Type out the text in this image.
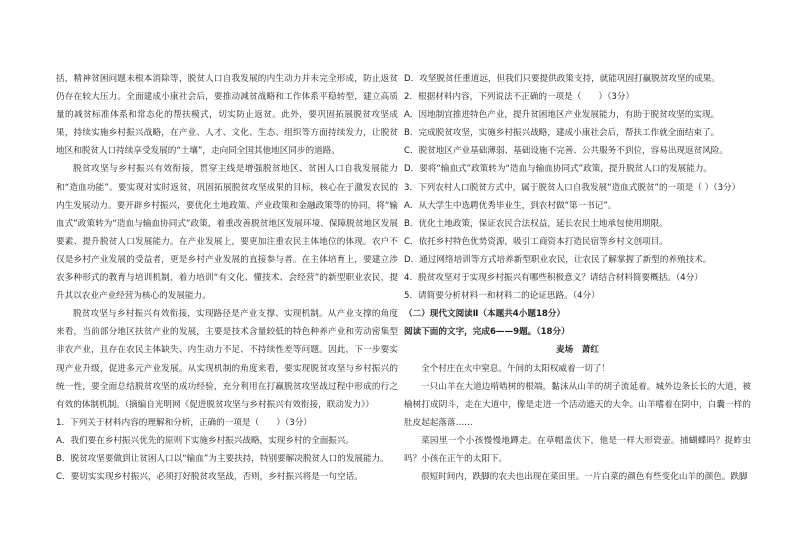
括，精神贫困问题未根本消除等，脱贫人口自我发展的内生动力并未完全形成，防止返贫仍存在较大压力。全面建成小康社会后，要推动减贫战略和工作体系平稳转型，建立高质量的减贫标准体系和常态化的帮扶模式，切实防止返贫。此外，要巩固拓展脱贫攻坚成果，持续实施乡村振兴战略，在产业、人才、文化、生态、组织等方面持续发力，让脱贫地区和脱贫人口持续享受发展的“土壤”，走向同全国其他地区同步的道路。

脱贫攻坚与乡村振兴有效衔接，贯穿主线是增强脱贫地区、贫困人口自我发展能力和“造血功能”。要实现对实时返贫，巩固拓展脱贫攻坚成果的目标，核心在于激发农民的内生发展动力。要开辟乡村振兴，要优化土地政策、产业政策和金融政策等的协同，将“输血式”政策转为“造血与输血协同式”政策，着重改善脱贫地区发展环境、保障脱贫地区发展要素、提升脱贫人口发展能力。在产业发展上，要更加注重农民主体地位的体现。农户不仅是乡村产业发展的受益者，更是乡村产业发展的直接参与者。在主体培育上，要建立涉农多种形式的教育与培训机制，着力培训“有文化、懂技术、会经营”的新型职业农民，提升其以农业产业经营为核心的发展能力。

脱贫攻坚与乡村振兴有效衔接，实现路径是产业支撑、实现机制。从产业支撑的角度来看，当前部分地区扶贫产业的发展，主要是技术含量较低的特色种养产业和劳动密集型非农产业，且存在农民主体缺失、内生动力不足、不持续性差等问题。因此，下一步要实现产业升级，促进多元产业发展。从实现机制的角度来看，要实现脱贫攻坚与乡村振兴的统一性，要全面总结脱贫攻坚的成功经验，充分利用在打赢脱贫攻坚战过程中形成的行之有效的体制机制。（摘编自光明网《促进脱贫攻坚与乡村振兴有效衔接，联动发力》）

1．下列关于材料内容的理解和分析，正确的一项是（　　）（3分）
A．我们要在乡村振兴优先的原则下实施乡村振兴战略，实现乡村的全面振兴。
B．脱贫攻坚要做到让贫困人口以“输血”为主要扶持，特别要解决脱贫人口的发展能力。
C．要切实实现乡村振兴，必须打好脱贫攻坚战，否则，乡村振兴将是一句空话。
D．攻坚脱贫任重道远，但我们只要提供政策支持，就能巩固打赢脱贫攻坚的成果。
2．根据材料内容，下列说法不正确的一项是（　　）（3分）
A．因地制宜推进特色产业，提升贫困地区产业发展能力，有助于脱贫攻坚的实现。
B．完成脱贫攻坚，实施乡村振兴战略，建成小康社会后，帮扶工作就全面结束了。
C．脱贫地区产业基础薄弱、基础设施不完善、公共服务不到位，容易出现返贫风险。
D．要将“输血式”政策转为“造血与输血协同式”政策，提升脱贫人口的发展能力。
3．下列农村人口脱贫方式中，属于脱贫人口自我发展“造血式脱贫”的一项是（ ）（3分）
A．从大学生中选聘优秀毕业生，到农村做“第一书记”。
B．优化土地政策，保证农民合法权益，延长农民土地承包使用期限。
C．依托乡村特色优势资源，吸引工商资本打造民宿等乡村文创项目。
D．通过网络培训等方式培养新型职业农民，让农民了解掌握了新型的养殖技术。
4．脱贫攻坚对于实现乡村振兴有哪些积极意义？请结合材料简要概括。（4分）
5．请简要分析材料一和材料二的论证思路。（4分）
（二）现代文阅读Ⅱ（本题共4小题18分）
阅读下面的文字，完成6——9题。（18分）
麦场　萧红

全个村庄在火中窒息。午间的太阳权威着一切了！

一只山羊在大道边啃啮树的根端，黏沫从山羊的胡子流延着。城外边条长长的大道，被榆树打成阴斗，走在大道中，像是走进一个活动遮天的大伞。山羊嗜着在阴中，白囊一样的肚皮起起落落……

菜园里一个小孩慢慢地蹲走。在草帽盖伏下，他是一样大形瓷壶。捕蝴蝶吗？捉蚱虫吗？小孩在正午的太阳下。

很短时间内，跌脚的农夫也出现在菜田里。一片白菜的颜色有些变化山羊的颜色。跌脚
